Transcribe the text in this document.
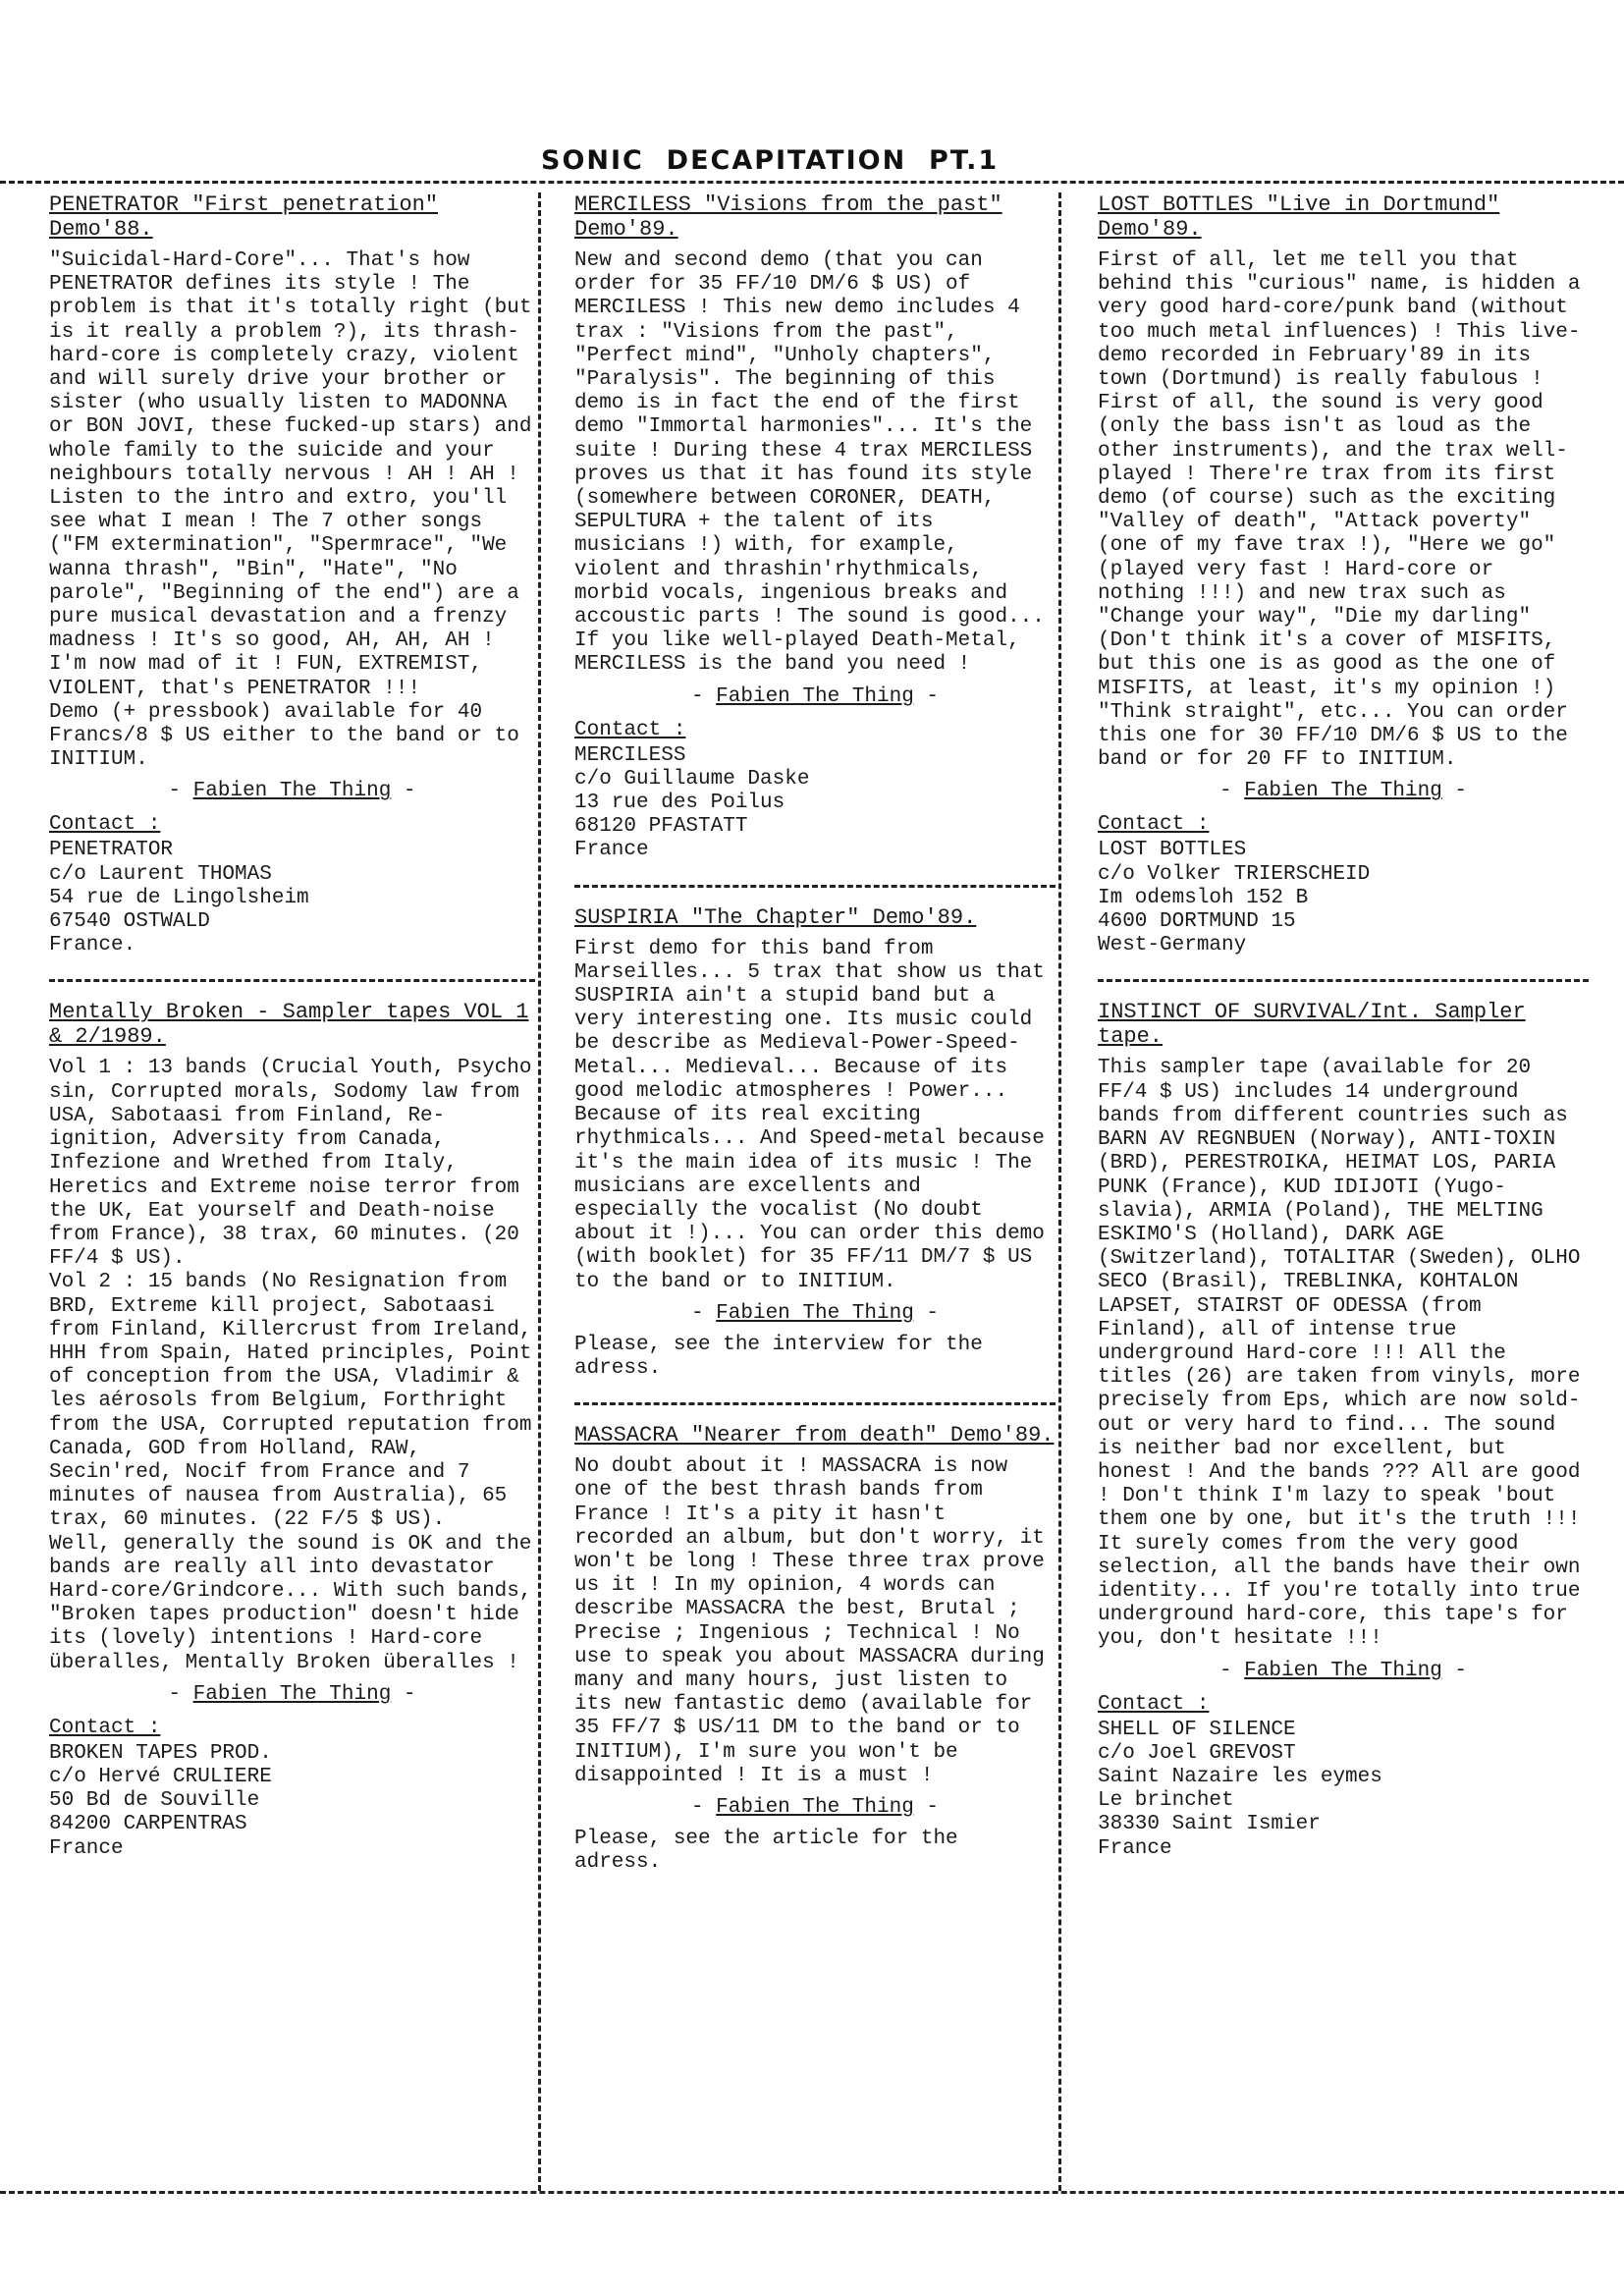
SONIC  DECAPITATION  PT.1
PENETRATOR "First penetration" Demo'88.

"Suicidal-Hard-Core"... That's how PENETRATOR defines its style ! The problem is that it's totally right (but is it really a problem ?), its thrash-hard-core is completely crazy, violent and will surely drive your brother or sister (who usually listen to MADONNA or BON JOVI, these fucked-up stars) and whole family to the suicide and your neighbours totally nervous ! AH ! AH ! Listen to the intro and extro, you'll see what I mean ! The 7 other songs ("FM extermination", "Spermrace", "We wanna thrash", "Bin", "Hate", "No parole", "Beginning of the end") are a pure musical devastation and a frenzy madness ! It's so good, AH, AH, AH ! I'm now mad of it ! FUN, EXTREMIST, VIOLENT, that's PENETRATOR !!!
Demo (+ pressbook) available for 40 Francs/8 $ US either to the band or to INITIUM.

- Fabien The Thing -

Contact :

PENETRATOR
c/o Laurent THOMAS
54 rue de Lingolsheim
67540 OSTWALD
France.

Mentally Broken - Sampler tapes VOL 1 & 2/1989.

Vol 1 : 13 bands (Crucial Youth, Psycho sin, Corrupted morals, Sodomy law from USA, Sabotaasi from Finland, Re-ignition, Adversity from Canada, Infezione and Wrethed from Italy, Heretics and Extreme noise terror from the UK, Eat yourself and Death-noise from France), 38 trax, 60 minutes. (20 FF/4 $ US).
Vol 2 : 15 bands (No Resignation from BRD, Extreme kill project, Sabotaasi from Finland, Killercrust from Ireland, HHH from Spain, Hated principles, Point of conception from the USA, Vladimir & les aérosols from Belgium, Forthright from the USA, Corrupted reputation from Canada, GOD from Holland, RAW, Secin'red, Nocif from France and 7 minutes of nausea from Australia), 65 trax, 60 minutes. (22 F/5 $ US).
Well, generally the sound is OK and the bands are really all into devastator Hard-core/Grindcore... With such bands, "Broken tapes production" doesn't hide its (lovely) intentions ! Hard-core überalles, Mentally Broken überalles !

- Fabien The Thing -

Contact :

BROKEN TAPES PROD.
c/o Hervé CRULIERE
50 Bd de Souville
84200 CARPENTRAS
France

MERCILESS "Visions from the past" Demo'89.

New and second demo (that you can order for 35 FF/10 DM/6 $ US) of MERCILESS ! This new demo includes 4 trax : "Visions from the past", "Perfect mind", "Unholy chapters", "Paralysis". The beginning of this demo is in fact the end of the first demo "Immortal harmonies"... It's the suite ! During these 4 trax MERCILESS proves us that it has found its style (somewhere between CORONER, DEATH, SEPULTURA + the talent of its musicians !) with, for example, violent and thrashin'rhythmicals, morbid vocals, ingenious breaks and accoustic parts ! The sound is good... If you like well-played Death-Metal, MERCILESS is the band you need !

- Fabien The Thing -

Contact :

MERCILESS
c/o Guillaume Daske
13 rue des Poilus
68120 PFASTATT
France

SUSPIRIA "The Chapter" Demo'89.

First demo for this band from Marseilles... 5 trax that show us that SUSPIRIA ain't a stupid band but a very interesting one. Its music could be describe as Medieval-Power-Speed-Metal... Medieval... Because of its good melodic atmospheres ! Power... Because of its real exciting rhythmicals... And Speed-metal because it's the main idea of its music ! The musicians are excellents and especially the vocalist (No doubt about it !)... You can order this demo (with booklet) for 35 FF/11 DM/7 $ US to the band or to INITIUM.

- Fabien The Thing -

Please, see the interview for the adress.

MASSACRA "Nearer from death" Demo'89.

No doubt about it ! MASSACRA is now one of the best thrash bands from France ! It's a pity it hasn't recorded an album, but don't worry, it won't be long ! These three trax prove us it ! In my opinion, 4 words can describe MASSACRA the best, Brutal ; Precise ; Ingenious ; Technical ! No use to speak you about MASSACRA during many and many hours, just listen to its new fantastic demo (available for 35 FF/7 $ US/11 DM to the band or to INITIUM), I'm sure you won't be disappointed ! It is a must !

- Fabien The Thing -

Please, see the article for the adress.

LOST BOTTLES "Live in Dortmund" Demo'89.

First of all, let me tell you that behind this "curious" name, is hidden a very good hard-core/punk band (without too much metal influences) ! This live-demo recorded in February'89 in its town (Dortmund) is really fabulous ! First of all, the sound is very good (only the bass isn't as loud as the other instruments), and the trax well-played ! There're trax from its first demo (of course) such as the exciting "Valley of death", "Attack poverty" (one of my fave trax !), "Here we go" (played very fast ! Hard-core or nothing !!!) and new trax such as "Change your way", "Die my darling" (Don't think it's a cover of MISFITS, but this one is as good as the one of MISFITS, at least, it's my opinion !) "Think straight", etc... You can order this one for 30 FF/10 DM/6 $ US to the band or for 20 FF to INITIUM.

- Fabien The Thing -

Contact :

LOST BOTTLES
c/o Volker TRIERSCHEID
Im odemsloh 152 B
4600 DORTMUND 15
West-Germany

INSTINCT OF SURVIVAL/Int. Sampler tape.

This sampler tape (available for 20 FF/4 $ US) includes 14 underground bands from different countries such as BARN AV REGNBUEN (Norway), ANTI-TOXIN (BRD), PERESTROIKA, HEIMAT LOS, PARIA PUNK (France), KUD IDIJOTI (Yugo-slavia), ARMIA (Poland), THE MELTING ESKIMO'S (Holland), DARK AGE (Switzerland), TOTALITAR (Sweden), OLHO SECO (Brasil), TREBLINKA, KOHTALON LAPSET, STAIRST OF ODESSA (from Finland), all of intense true underground Hard-core !!! All the titles (26) are taken from vinyls, more precisely from Eps, which are now sold-out or very hard to find... The sound is neither bad nor excellent, but honest ! And the bands ??? All are good ! Don't think I'm lazy to speak 'bout them one by one, but it's the truth !!! It surely comes from the very good selection, all the bands have their own identity... If you're totally into true underground hard-core, this tape's for you, don't hesitate !!!

- Fabien The Thing -

Contact :

SHELL OF SILENCE
c/o Joel GREVOST
Saint Nazaire les eymes
Le brinchet
38330 Saint Ismier
France
